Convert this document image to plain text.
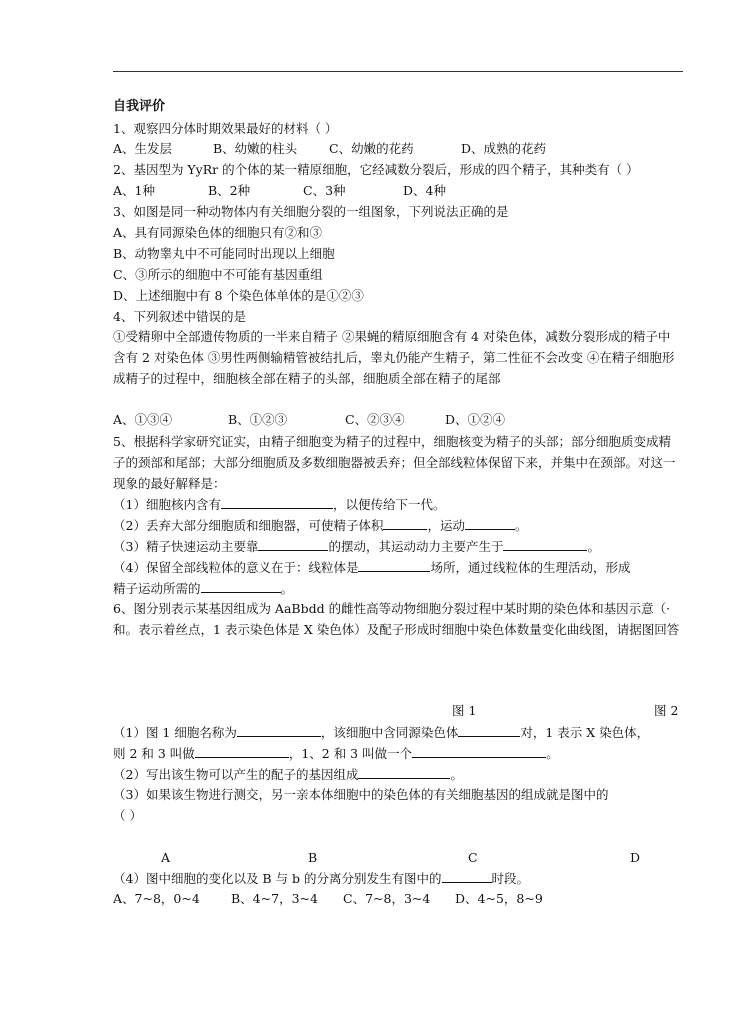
自我评价
1、观察四分体时期效果最好的材料（ ）
A、生发层	B、幼嫩的柱头	C、幼嫩的花药	D、成熟的花药
2、基因型为 YyRr 的个体的某一精原细胞，它经减数分裂后，形成的四个精子，其种类有（ ）
A、1种	B、2种	C、3种	D、4种
3、如图是同一种动物体内有关细胞分裂的一组图象，下列说法正确的是
A、具有同源染色体的细胞只有②和③
B、动物睾丸中不可能同时出现以上细胞
C、③所示的细胞中不可能有基因重组
D、上述细胞中有 8 个染色体单体的是①②③
4、下列叙述中错误的是
①受精卵中全部遗传物质的一半来自精子 ②果蝇的精原细胞含有 4 对染色体，减数分裂形成的精子中含有 2 对染色体 ③男性两侧输精管被结扎后，睾丸仍能产生精子，第二性征不会改变 ④在精子细胞形成精子的过程中，细胞核全部在精子的头部，细胞质全部在精子的尾部
A、①③④	B、①②③	C、②③④	D、①②④
5、根据科学家研究证实，由精子细胞变为精子的过程中，细胞核变为精子的头部；部分细胞质变成精子的颈部和尾部；大部分细胞质及多数细胞器被丢弃；但全部线粒体保留下来，并集中在颈部。对这一现象的最好解释是：
（1）细胞核内含有	，以便传给下一代。
（2）丢弃大部分细胞质和细胞器，可使精子体积	，运动	。
（3）精子快速运动主要靠	的摆动，其运动动力主要产生于	。
（4）保留全部线粒体的意义在于：线粒体是	场所，通过线粒体的生理活动，形成
精子运动所需的	。
6、图分别表示某基因组成为 AaBbdd 的雌性高等动物细胞分裂过程中某时期的染色体和基因示意（·和。表示着丝点，1 表示染色体是 X 染色体）及配子形成时细胞中染色体数量变化曲线图，请据图回答
图 1	图 2
（1）图 1 细胞名称为	，该细胞中含同源染色体	对，1 表示 X 染色体，
则 2 和 3 叫做	，1、2 和 3 叫做一个	。
（2）写出该生物可以产生的配子的基因组成	。
（3）如果该生物进行测交，另一亲本体细胞中的染色体的有关细胞基因的组成就是图中的
（ ）
A	B	C	D
（4）图中细胞的变化以及 B 与 b 的分离分别发生有图中的	时段。
A、7~8，0~4 B、4~7，3~4 C、7~8，3~4 D、4~5，8~9
